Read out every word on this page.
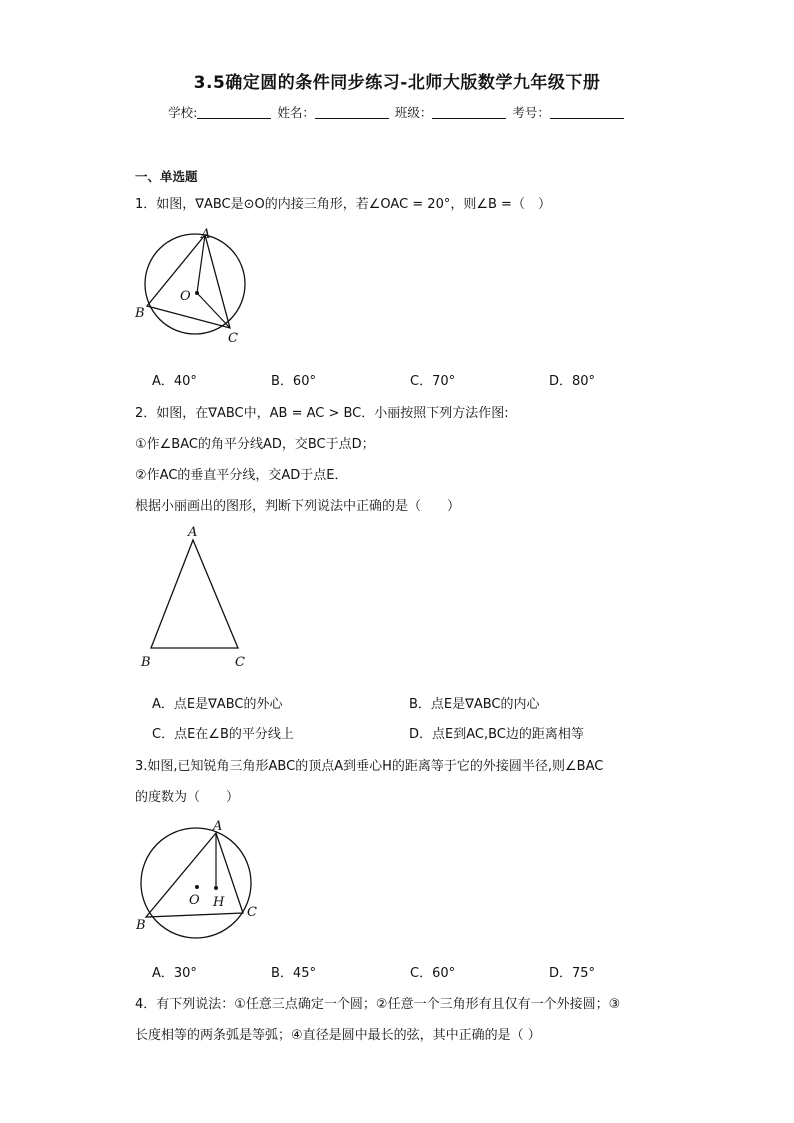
3.5确定圆的条件同步练习-北师大版数学九年级下册
学校:	姓名：	班级：	考号：
一、单选题
1．如图，∇ABC是⊙O的内接三角形，若∠OAC = 20°，则∠B =（　）
A
B
C
O
A．40°	B．60°	C．70°	D．80°
2．如图，在∇ABC中，AB = AC > BC．小丽按照下列方法作图:
①作∠BAC的角平分线AD，交BC于点D；
②作AC的垂直平分线，交AD于点E．
根据小丽画出的图形，判断下列说法中正确的是（　　）
A
B	C
A．点E是∇ABC的外心	B．点E是∇ABC的内心
C．点E在∠B的平分线上	D．点E到AC,BC边的距离相等
3.如图,已知锐角三角形ABC的顶点A到垂心H的距离等于它的外接圆半径,则∠BAC
的度数为（　　）
A
B
C
O H
A．30°	B．45°	C．60°	D．75°
4．有下列说法：①任意三点确定一个圆；②任意一个三角形有且仅有一个外接圆；③
长度相等的两条弧是等弧；④直径是圆中最长的弦，其中正确的是（ ）
